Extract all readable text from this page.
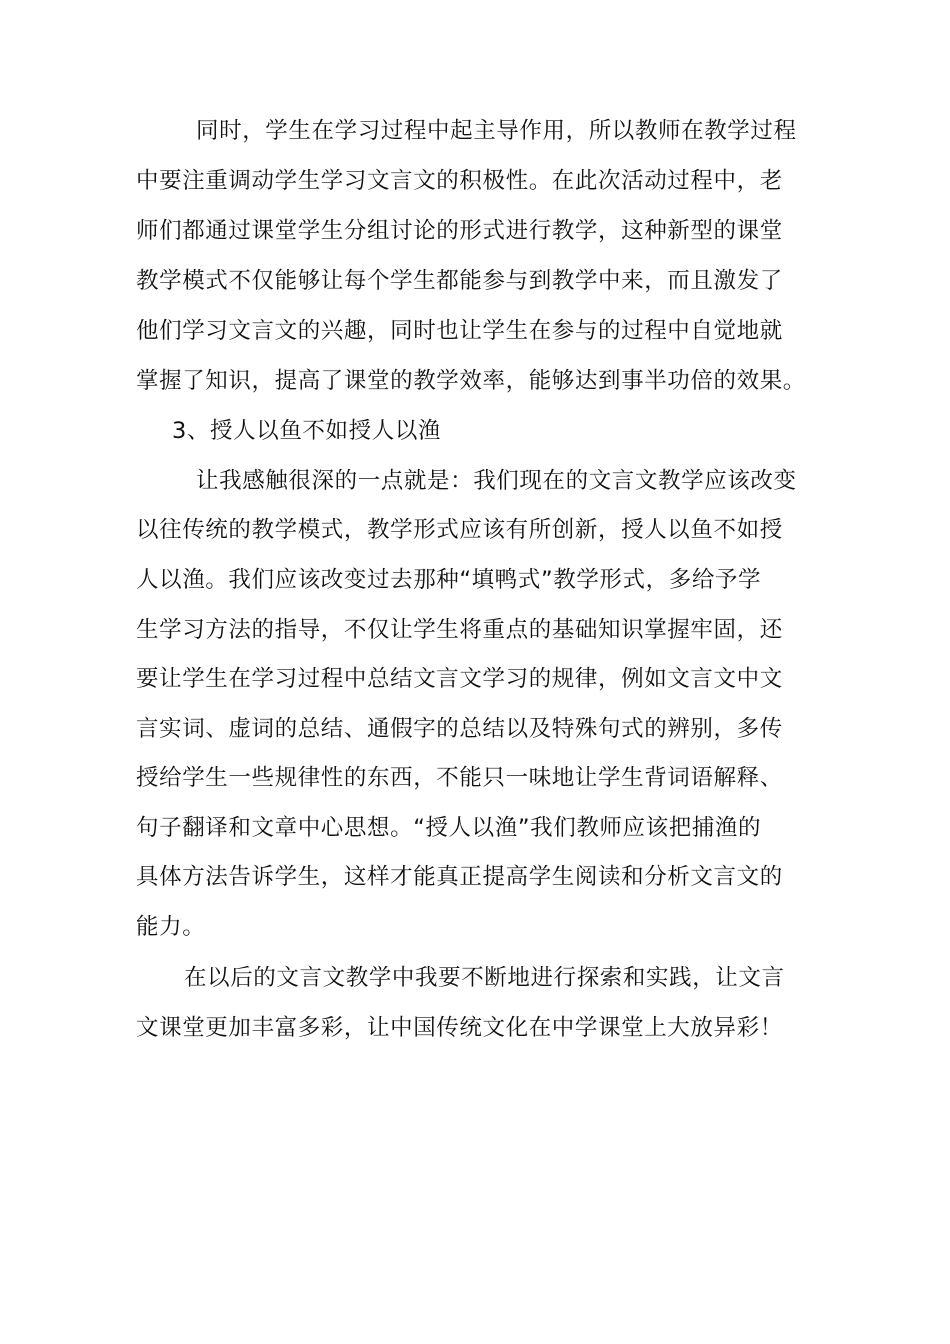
同时，学生在学习过程中起主导作用，所以教师在教学过程
中要注重调动学生学习文言文的积极性。在此次活动过程中，老
师们都通过课堂学生分组讨论的形式进行教学，这种新型的课堂
教学模式不仅能够让每个学生都能参与到教学中来，而且激发了
他们学习文言文的兴趣，同时也让学生在参与的过程中自觉地就
掌握了知识，提高了课堂的教学效率，能够达到事半功倍的效果。
3、授人以鱼不如授人以渔
让我感触很深的一点就是：我们现在的文言文教学应该改变
以往传统的教学模式，教学形式应该有所创新，授人以鱼不如授
人以渔。我们应该改变过去那种“填鸭式”教学形式，多给予学
生学习方法的指导，不仅让学生将重点的基础知识掌握牢固，还
要让学生在学习过程中总结文言文学习的规律，例如文言文中文
言实词、虚词的总结、通假字的总结以及特殊句式的辨别，多传
授给学生一些规律性的东西，不能只一味地让学生背词语解释、
句子翻译和文章中心思想。“授人以渔”我们教师应该把捕渔的
具体方法告诉学生，这样才能真正提高学生阅读和分析文言文的
能力。
在以后的文言文教学中我要不断地进行探索和实践，让文言
文课堂更加丰富多彩，让中国传统文化在中学课堂上大放异彩！
